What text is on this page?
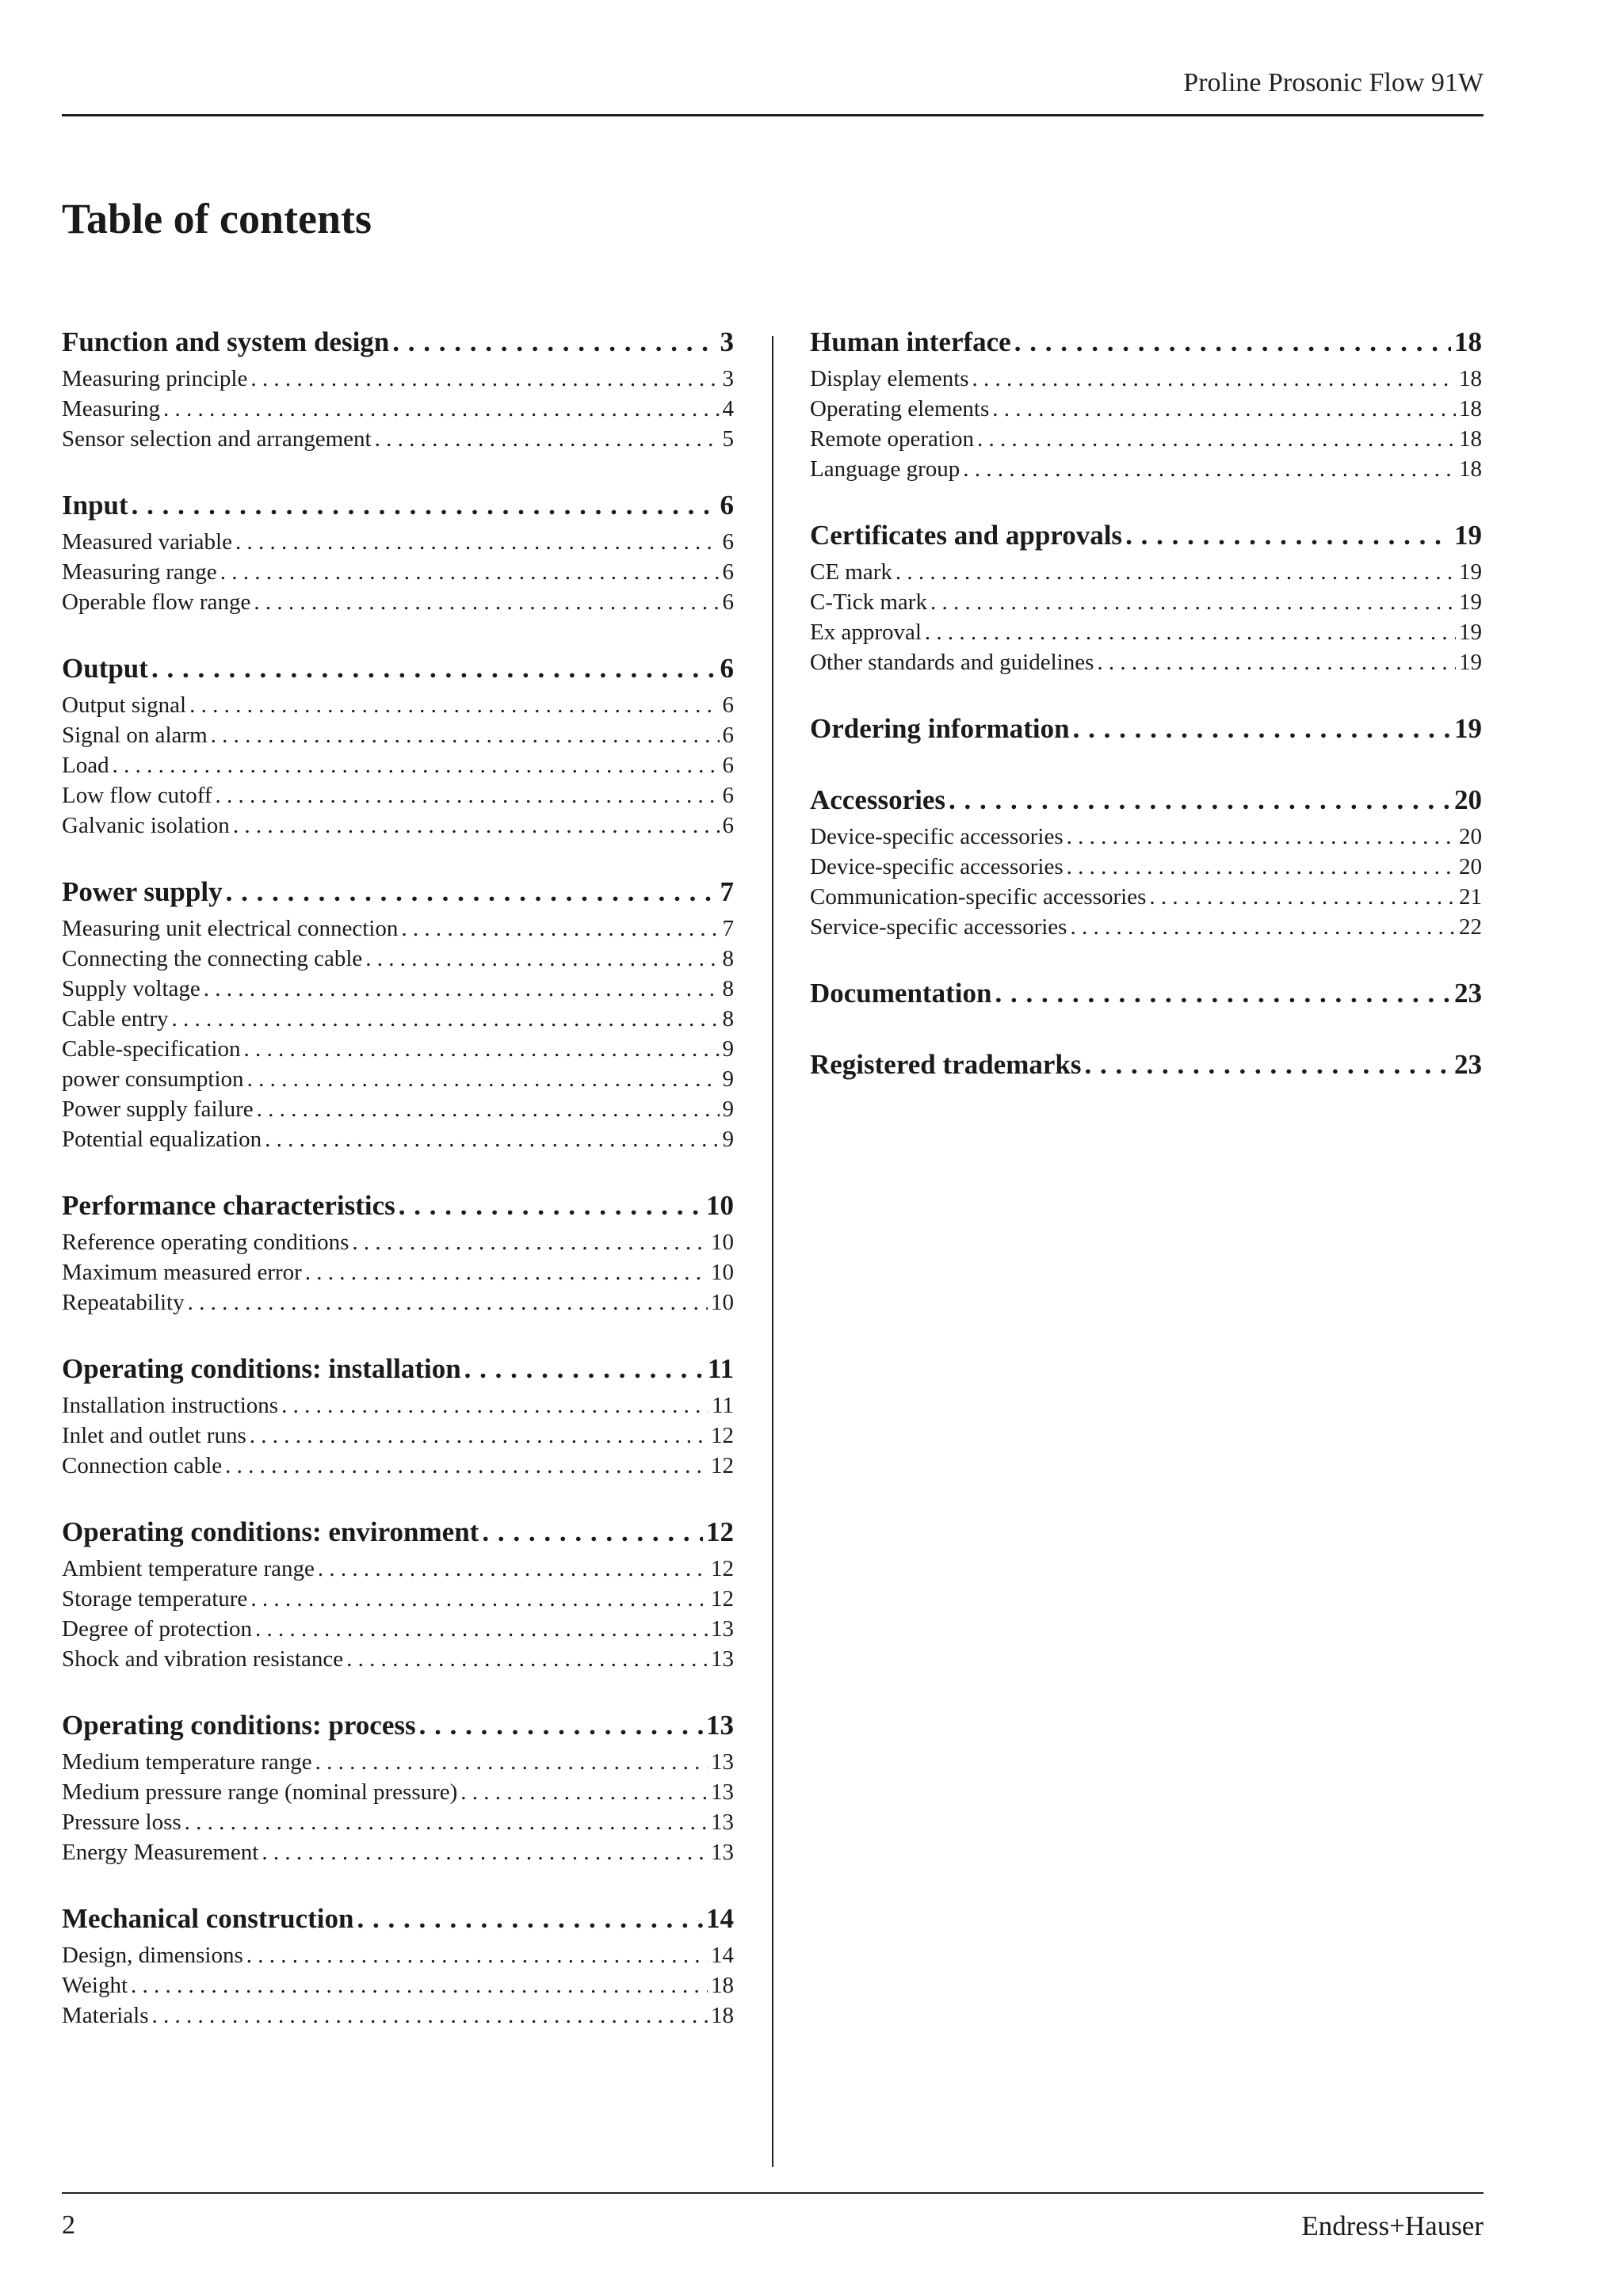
Proline Prosonic Flow 91W
Table of contents
Function and system design . . .	3
Measuring principle . . .	3
Measuring . . .	4
Sensor selection and arrangement . . .	5
Input . . .	6
Measured variable . . .	6
Measuring range . . .	6
Operable flow range . . .	6
Output . . .	6
Output signal . . .	6
Signal on alarm . . .	6
Load . . .	6
Low flow cutoff . . .	6
Galvanic isolation . . .	6
Power supply . . .	7
Measuring unit electrical connection . . .	7
Connecting the connecting cable . . .	8
Supply voltage . . .	8
Cable entry . . .	8
Cable-specification . . .	9
power consumption . . .	9
Power supply failure . . .	9
Potential equalization . . .	9
Performance characteristics . . .	10
Reference operating conditions . . .	10
Maximum measured error . . .	10
Repeatability . . .	10
Operating conditions: installation . . .	11
Installation instructions . . .	11
Inlet and outlet runs . . .	12
Connection cable . . .	12
Operating conditions: environment . . .	12
Ambient temperature range . . .	12
Storage temperature . . .	12
Degree of protection . . .	13
Shock and vibration resistance . . .	13
Operating conditions: process . . .	13
Medium temperature range . . .	13
Medium pressure range (nominal pressure) . . .	13
Pressure loss . . .	13
Energy Measurement . . .	13
Mechanical construction . . .	14
Design, dimensions . . .	14
Weight . . .	18
Materials . . .	18
Human interface . . .	18
Display elements . . .	18
Operating elements . . .	18
Remote operation . . .	18
Language group . . .	18
Certificates and approvals . . .	19
CE mark . . .	19
C-Tick mark . . .	19
Ex approval . . .	19
Other standards and guidelines . . .	19
Ordering information . . .	19
Accessories . . .	20
Device-specific accessories . . .	20
Device-specific accessories . . .	20
Communication-specific accessories . . .	21
Service-specific accessories . . .	22
Documentation . . .	23
Registered trademarks . . .	23
2	Endress+Hauser
